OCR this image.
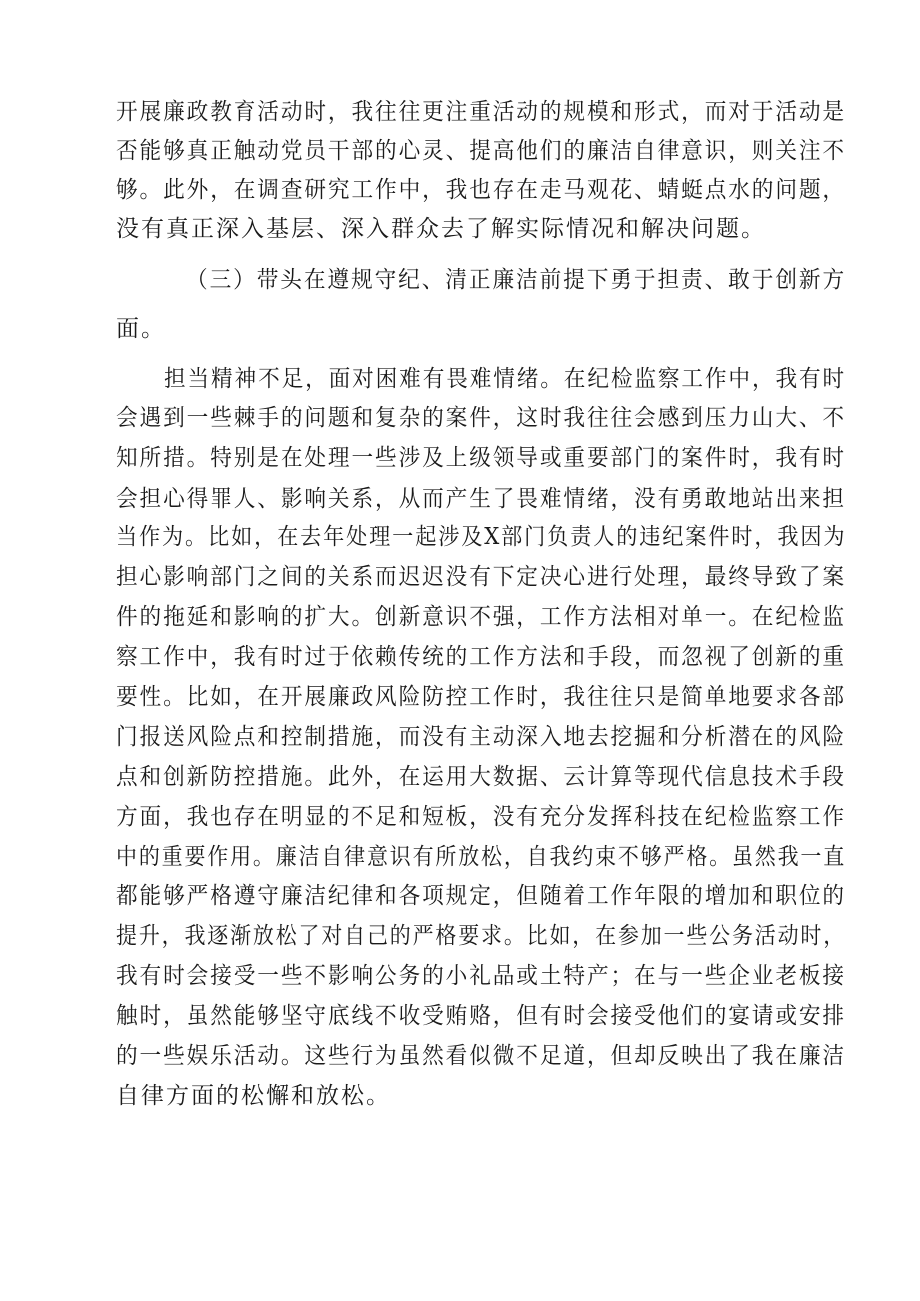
开展廉政教育活动时，我往往更注重活动的规模和形式，而对于活动是
否能够真正触动党员干部的心灵、提高他们的廉洁自律意识，则关注不
够。此外，在调查研究工作中，我也存在走马观花、蜻蜓点水的问题，
没有真正深入基层、深入群众去了解实际情况和解决问题。
（三）带头在遵规守纪、清正廉洁前提下勇于担责、敢于创新方
面。
担当精神不足，面对困难有畏难情绪。在纪检监察工作中，我有时
会遇到一些棘手的问题和复杂的案件，这时我往往会感到压力山大、不
知所措。特别是在处理一些涉及上级领导或重要部门的案件时，我有时
会担心得罪人、影响关系，从而产生了畏难情绪，没有勇敢地站出来担
当作为。比如，在去年处理一起涉及X部门负责人的违纪案件时，我因为
担心影响部门之间的关系而迟迟没有下定决心进行处理，最终导致了案
件的拖延和影响的扩大。创新意识不强，工作方法相对单一。在纪检监
察工作中，我有时过于依赖传统的工作方法和手段，而忽视了创新的重
要性。比如，在开展廉政风险防控工作时，我往往只是简单地要求各部
门报送风险点和控制措施，而没有主动深入地去挖掘和分析潜在的风险
点和创新防控措施。此外，在运用大数据、云计算等现代信息技术手段
方面，我也存在明显的不足和短板，没有充分发挥科技在纪检监察工作
中的重要作用。廉洁自律意识有所放松，自我约束不够严格。虽然我一直
都能够严格遵守廉洁纪律和各项规定，但随着工作年限的增加和职位的
提升，我逐渐放松了对自己的严格要求。比如，在参加一些公务活动时，
我有时会接受一些不影响公务的小礼品或土特产；在与一些企业老板接
触时，虽然能够坚守底线不收受贿赂，但有时会接受他们的宴请或安排
的一些娱乐活动。这些行为虽然看似微不足道，但却反映出了我在廉洁
自律方面的松懈和放松。
